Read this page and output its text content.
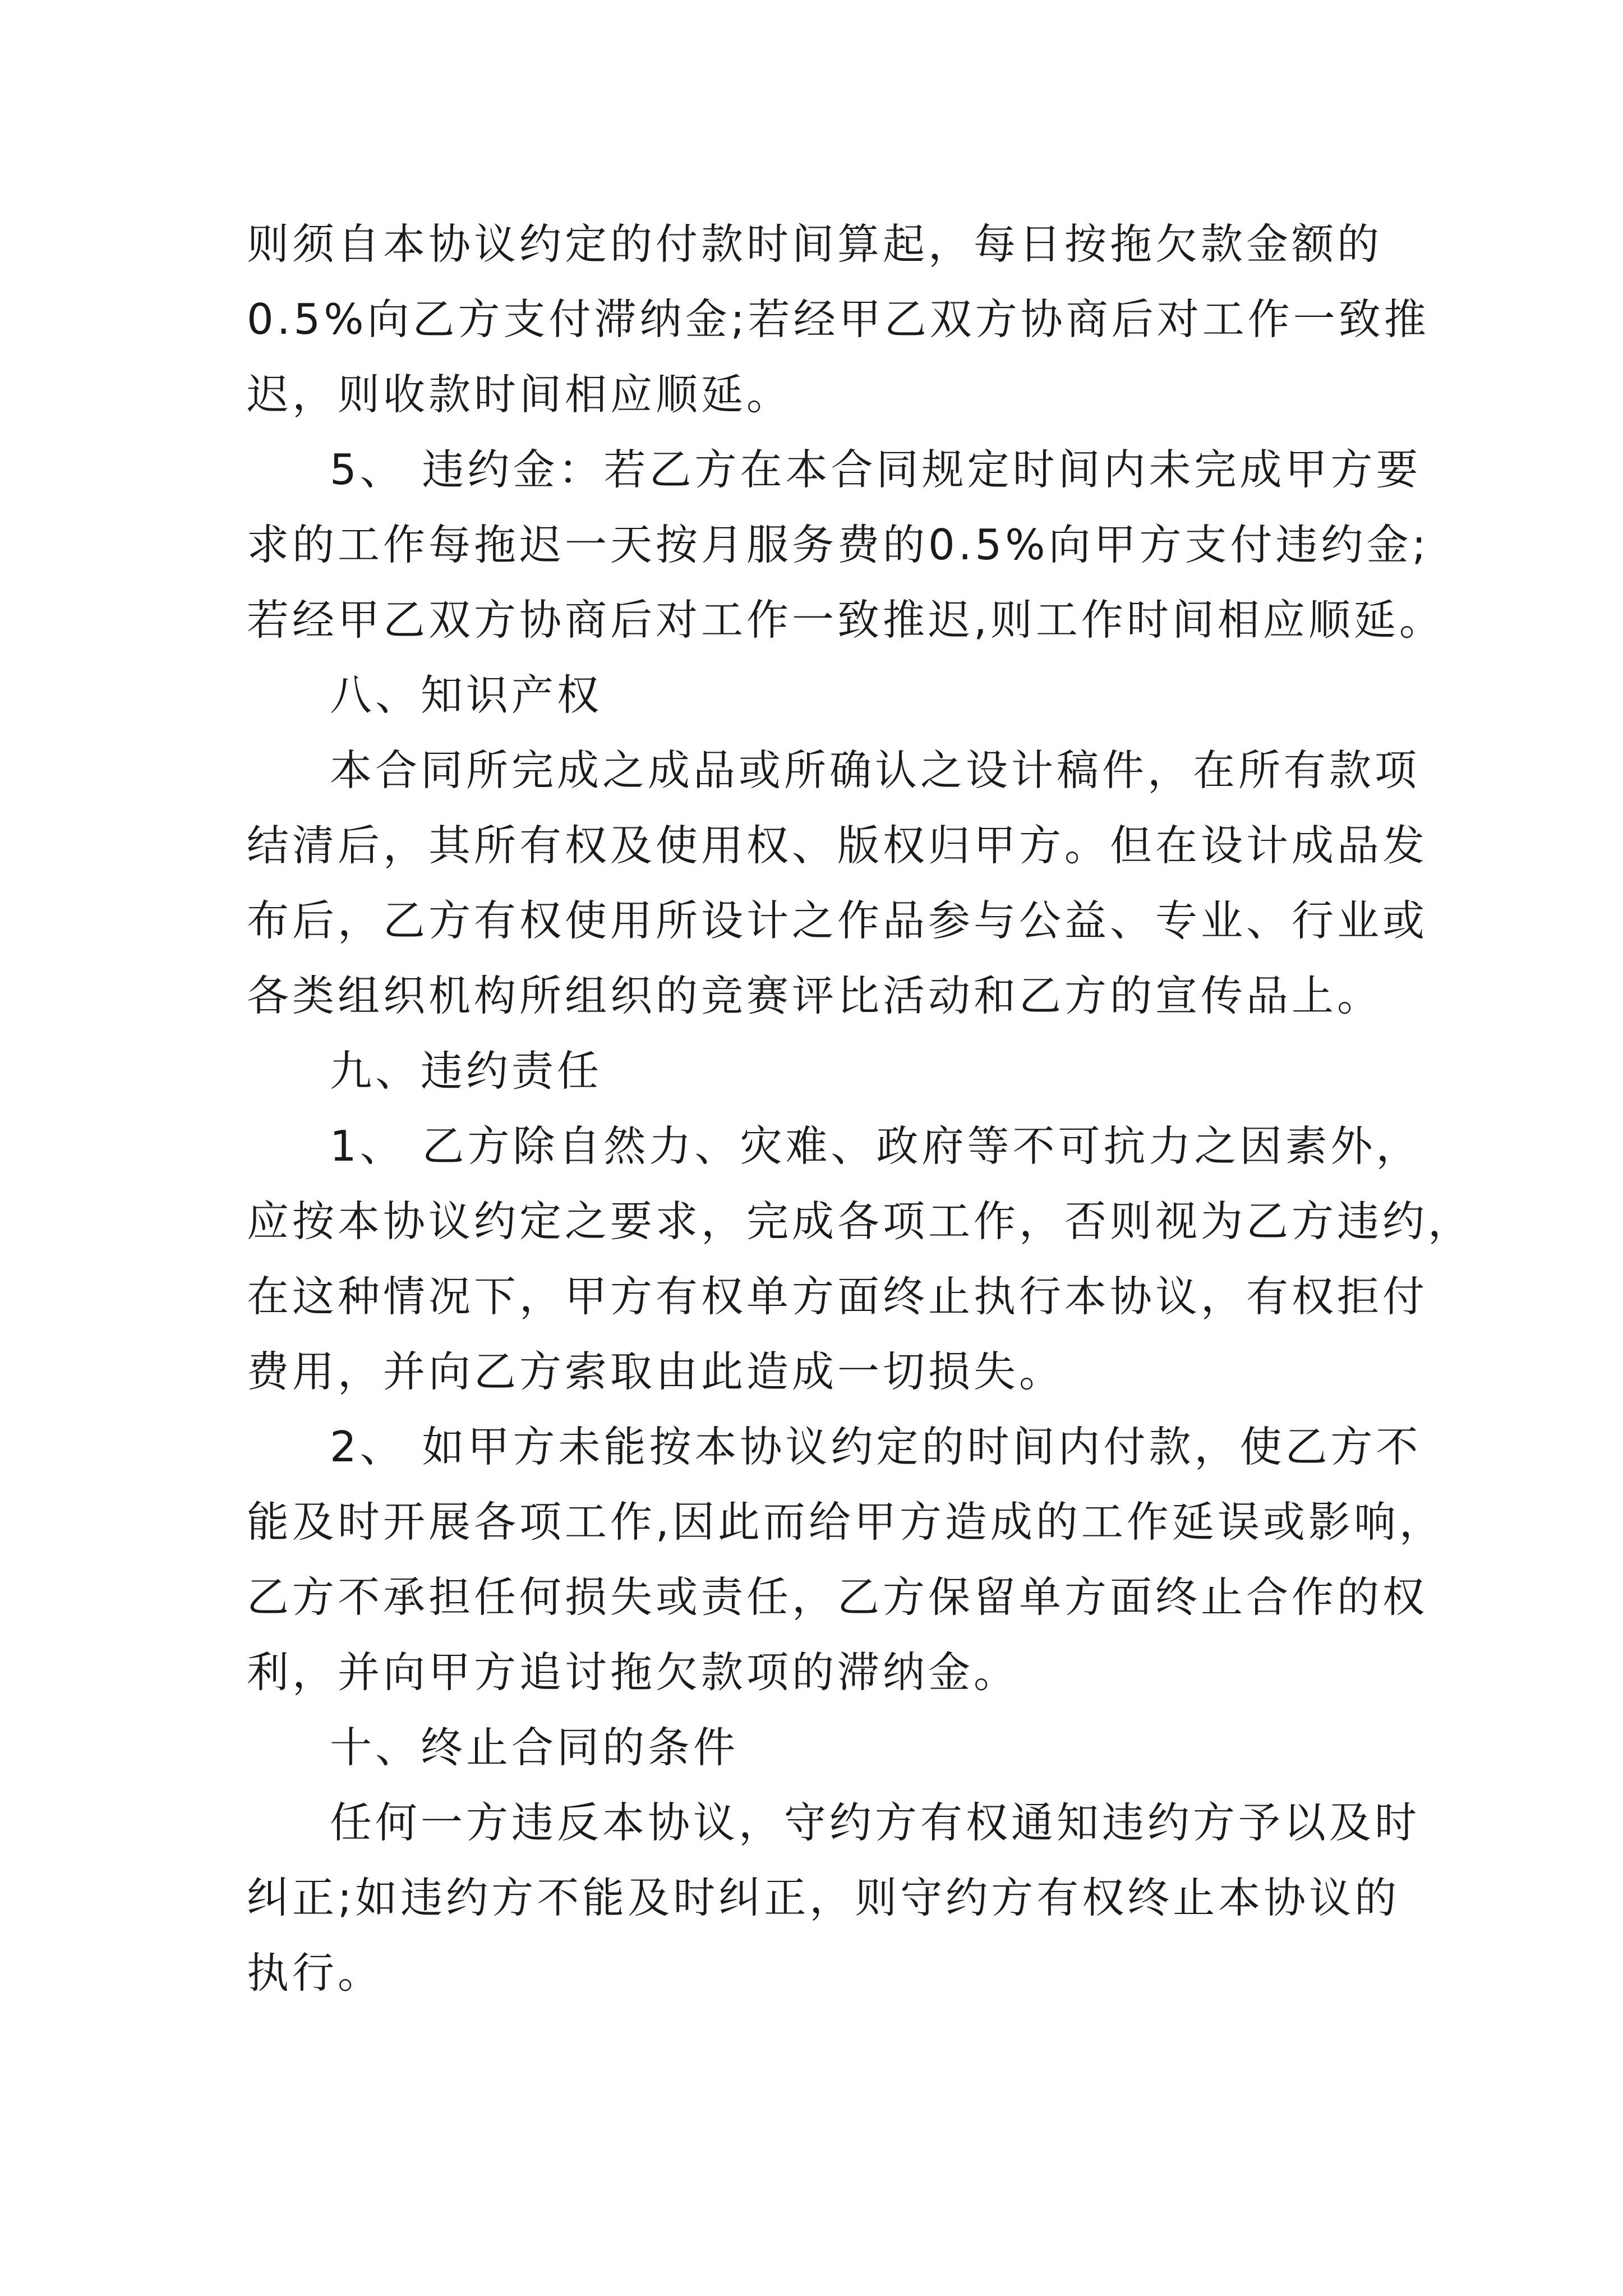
则须自本协议约定的付款时间算起，每日按拖欠款金额的
0.5%向乙方支付滞纳金;若经甲乙双方协商后对工作一致推
迟，则收款时间相应顺延。
5、 违约金：若乙方在本合同规定时间内未完成甲方要
求的工作每拖迟一天按月服务费的0.5%向甲方支付违约金;
若经甲乙双方协商后对工作一致推迟,则工作时间相应顺延。
八、知识产权
本合同所完成之成品或所确认之设计稿件，在所有款项
结清后，其所有权及使用权、版权归甲方。但在设计成品发
布后，乙方有权使用所设计之作品参与公益、专业、行业或
各类组织机构所组织的竞赛评比活动和乙方的宣传品上。
九、违约责任
1、 乙方除自然力、灾难、政府等不可抗力之因素外，
应按本协议约定之要求，完成各项工作，否则视为乙方违约，
在这种情况下，甲方有权单方面终止执行本协议，有权拒付
费用，并向乙方索取由此造成一切损失。
2、 如甲方未能按本协议约定的时间内付款，使乙方不
能及时开展各项工作,因此而给甲方造成的工作延误或影响，
乙方不承担任何损失或责任，乙方保留单方面终止合作的权
利，并向甲方追讨拖欠款项的滞纳金。
十、终止合同的条件
任何一方违反本协议，守约方有权通知违约方予以及时
纠正;如违约方不能及时纠正，则守约方有权终止本协议的
执行。
